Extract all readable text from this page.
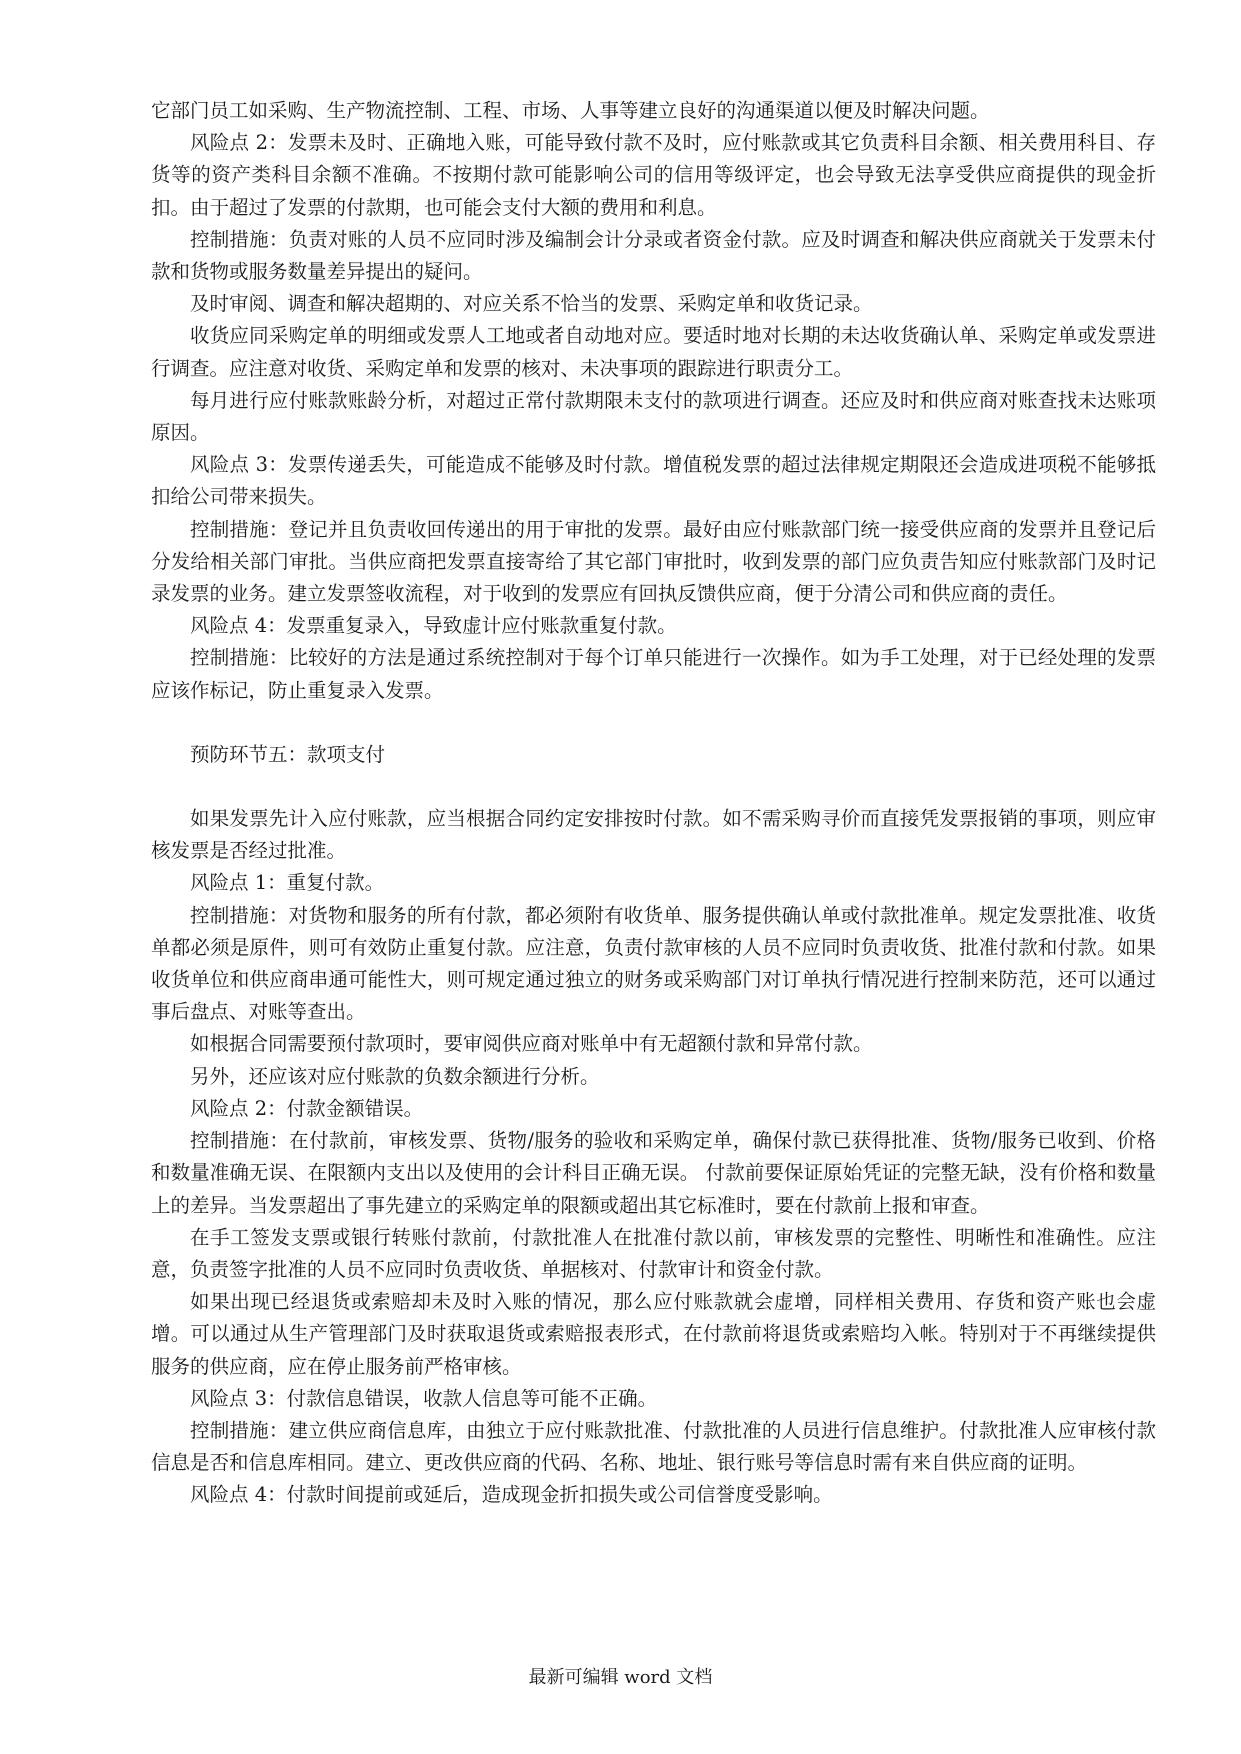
它部门员工如采购、生产物流控制、工程、市场、人事等建立良好的沟通渠道以便及时解决问题。

风险点 2：发票未及时、正确地入账，可能导致付款不及时，应付账款或其它负责科目余额、相关费用科目、存货等的资产类科目余额不准确。不按期付款可能影响公司的信用等级评定，也会导致无法享受供应商提供的现金折扣。由于超过了发票的付款期，也可能会支付大额的费用和利息。

控制措施：负责对账的人员不应同时涉及编制会计分录或者资金付款。应及时调查和解决供应商就关于发票未付款和货物或服务数量差异提出的疑问。

及时审阅、调查和解决超期的、对应关系不恰当的发票、采购定单和收货记录。

收货应同采购定单的明细或发票人工地或者自动地对应。要适时地对长期的未达收货确认单、采购定单或发票进行调查。应注意对收货、采购定单和发票的核对、未决事项的跟踪进行职责分工。

每月进行应付账款账龄分析，对超过正常付款期限未支付的款项进行调查。还应及时和供应商对账查找未达账项原因。

风险点 3：发票传递丢失，可能造成不能够及时付款。增值税发票的超过法律规定期限还会造成进项税不能够抵扣给公司带来损失。

控制措施：登记并且负责收回传递出的用于审批的发票。最好由应付账款部门统一接受供应商的发票并且登记后分发给相关部门审批。当供应商把发票直接寄给了其它部门审批时，收到发票的部门应负责告知应付账款部门及时记录发票的业务。建立发票签收流程，对于收到的发票应有回执反馈供应商，便于分清公司和供应商的责任。

风险点 4：发票重复录入，导致虚计应付账款重复付款。

控制措施：比较好的方法是通过系统控制对于每个订单只能进行一次操作。如为手工处理，对于已经处理的发票应该作标记，防止重复录入发票。

预防环节五：款项支付

如果发票先计入应付账款，应当根据合同约定安排按时付款。如不需采购寻价而直接凭发票报销的事项，则应审核发票是否经过批准。

风险点 1：重复付款。

控制措施：对货物和服务的所有付款，都必须附有收货单、服务提供确认单或付款批准单。规定发票批准、收货单都必须是原件，则可有效防止重复付款。应注意，负责付款审核的人员不应同时负责收货、批准付款和付款。如果收货单位和供应商串通可能性大，则可规定通过独立的财务或采购部门对订单执行情况进行控制来防范，还可以通过事后盘点、对账等查出。

如根据合同需要预付款项时，要审阅供应商对账单中有无超额付款和异常付款。

另外，还应该对应付账款的负数余额进行分析。

风险点 2：付款金额错误。

控制措施：在付款前，审核发票、货物/服务的验收和采购定单，确保付款已获得批准、货物/服务已收到、价格和数量准确无误、在限额内支出以及使用的会计科目正确无误。 付款前要保证原始凭证的完整无缺，没有价格和数量上的差异。当发票超出了事先建立的采购定单的限额或超出其它标准时，要在付款前上报和审查。

在手工签发支票或银行转账付款前，付款批准人在批准付款以前，审核发票的完整性、明晰性和准确性。应注意，负责签字批准的人员不应同时负责收货、单据核对、付款审计和资金付款。

如果出现已经退货或索赔却未及时入账的情况，那么应付账款就会虚增，同样相关费用、存货和资产账也会虚增。可以通过从生产管理部门及时获取退货或索赔报表形式，在付款前将退货或索赔均入帐。特别对于不再继续提供服务的供应商，应在停止服务前严格审核。

风险点 3：付款信息错误，收款人信息等可能不正确。

控制措施：建立供应商信息库，由独立于应付账款批准、付款批准的人员进行信息维护。付款批准人应审核付款信息是否和信息库相同。建立、更改供应商的代码、名称、地址、银行账号等信息时需有来自供应商的证明。

风险点 4：付款时间提前或延后，造成现金折扣损失或公司信誉度受影响。

最新可编辑 word 文档
